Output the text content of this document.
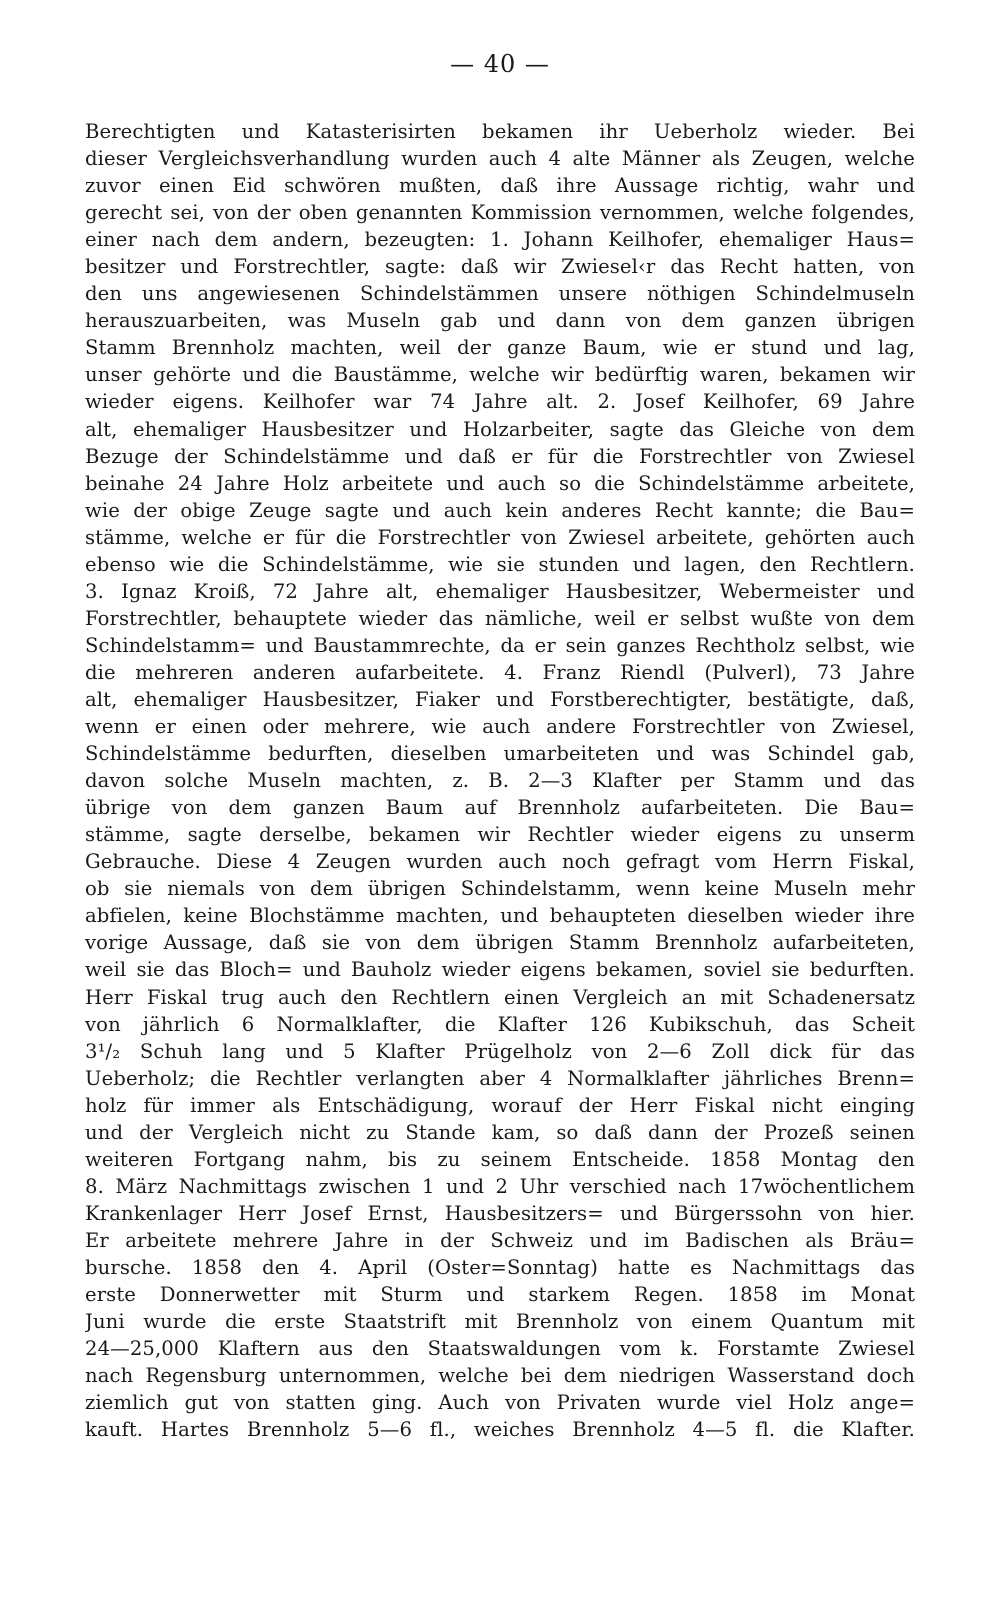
— 40 —
Berechtigten und Katasterisirten bekamen ihr Ueberholz wieder. Bei
dieser Vergleichsverhandlung wurden auch 4 alte Männer als Zeugen, welche
zuvor einen Eid schwören mußten, daß ihre Aussage richtig, wahr und
gerecht sei, von der oben genannten Kommission vernommen, welche folgendes,
einer nach dem andern, bezeugten: 1. Johann Keilhofer, ehemaliger Haus=
besitzer und Forstrechtler, sagte: daß wir Zwiesel‹r das Recht hatten, von
den uns angewiesenen Schindelstämmen unsere nöthigen Schindelmuseln
herauszuarbeiten, was Museln gab und dann von dem ganzen übrigen
Stamm Brennholz machten, weil der ganze Baum, wie er stund und lag,
unser gehörte und die Baustämme, welche wir bedürftig waren, bekamen wir
wieder eigens. Keilhofer war 74 Jahre alt. 2. Josef Keilhofer, 69 Jahre
alt, ehemaliger Hausbesitzer und Holzarbeiter, sagte das Gleiche von dem
Bezuge der Schindelstämme und daß er für die Forstrechtler von Zwiesel
beinahe 24 Jahre Holz arbeitete und auch so die Schindelstämme arbeitete,
wie der obige Zeuge sagte und auch kein anderes Recht kannte; die Bau=
stämme, welche er für die Forstrechtler von Zwiesel arbeitete, gehörten auch
ebenso wie die Schindelstämme, wie sie stunden und lagen, den Rechtlern.
3. Ignaz Kroiß, 72 Jahre alt, ehemaliger Hausbesitzer, Webermeister und
Forstrechtler, behauptete wieder das nämliche, weil er selbst wußte von dem
Schindelstamm= und Baustammrechte, da er sein ganzes Rechtholz selbst, wie
die mehreren anderen aufarbeitete. 4. Franz Riendl (Pulverl), 73 Jahre
alt, ehemaliger Hausbesitzer, Fiaker und Forstberechtigter, bestätigte, daß,
wenn er einen oder mehrere, wie auch andere Forstrechtler von Zwiesel,
Schindelstämme bedurften, dieselben umarbeiteten und was Schindel gab,
davon solche Museln machten, z. B. 2—3 Klafter per Stamm und das
übrige von dem ganzen Baum auf Brennholz aufarbeiteten. Die Bau=
stämme, sagte derselbe, bekamen wir Rechtler wieder eigens zu unserm
Gebrauche. Diese 4 Zeugen wurden auch noch gefragt vom Herrn Fiskal,
ob sie niemals von dem übrigen Schindelstamm, wenn keine Museln mehr
abfielen, keine Blochstämme machten, und behaupteten dieselben wieder ihre
vorige Aussage, daß sie von dem übrigen Stamm Brennholz aufarbeiteten,
weil sie das Bloch= und Bauholz wieder eigens bekamen, soviel sie bedurften.
Herr Fiskal trug auch den Rechtlern einen Vergleich an mit Schadenersatz
von jährlich 6 Normalklafter, die Klafter 126 Kubikschuh, das Scheit
3¹/₂ Schuh lang und 5 Klafter Prügelholz von 2—6 Zoll dick für das
Ueberholz; die Rechtler verlangten aber 4 Normalklafter jährliches Brenn=
holz für immer als Entschädigung, worauf der Herr Fiskal nicht einging
und der Vergleich nicht zu Stande kam, so daß dann der Prozeß seinen
weiteren Fortgang nahm, bis zu seinem Entscheide. 1858 Montag den
8. März Nachmittags zwischen 1 und 2 Uhr verschied nach 17wöchentlichem
Krankenlager Herr Josef Ernst, Hausbesitzers= und Bürgerssohn von hier.
Er arbeitete mehrere Jahre in der Schweiz und im Badischen als Bräu=
bursche. 1858 den 4. April (Oster=Sonntag) hatte es Nachmittags das
erste Donnerwetter mit Sturm und starkem Regen. 1858 im Monat
Juni wurde die erste Staatstrift mit Brennholz von einem Quantum mit
24—25,000 Klaftern aus den Staatswaldungen vom k. Forstamte Zwiesel
nach Regensburg unternommen, welche bei dem niedrigen Wasserstand doch
ziemlich gut von statten ging. Auch von Privaten wurde viel Holz ange=
kauft. Hartes Brennholz 5—6 fl., weiches Brennholz 4—5 fl. die Klafter.
